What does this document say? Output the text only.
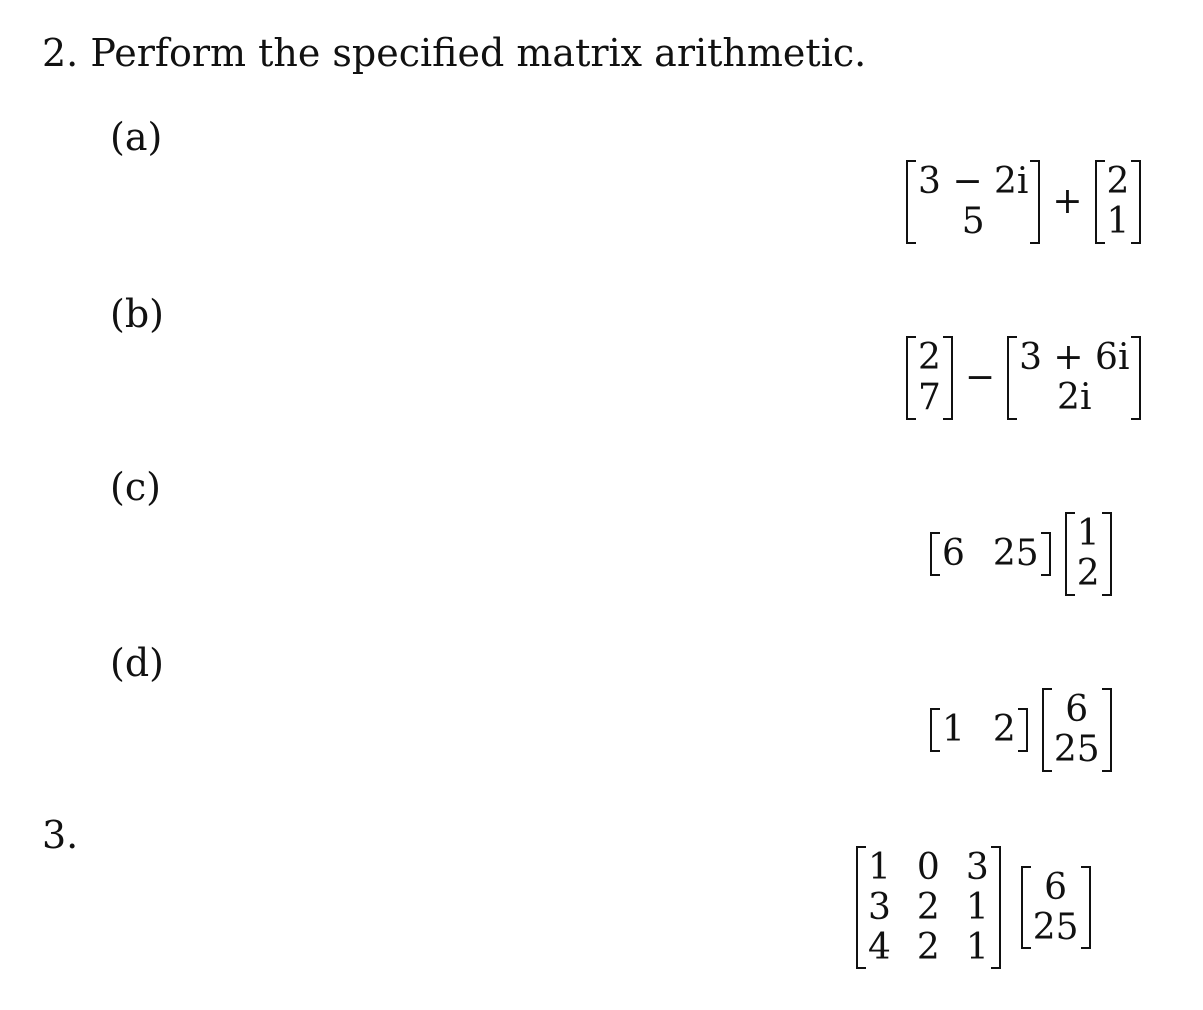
2. Perform the specified matrix arithmetic.
(a)
3 − 2i
5	+ 2
1
(b)
2
7 − 3 + 6i
2i
(c)
6 25 1
2
(d)
1 2	6
25
3.
1 0 3
3 2 1
4 2 1
6
25
